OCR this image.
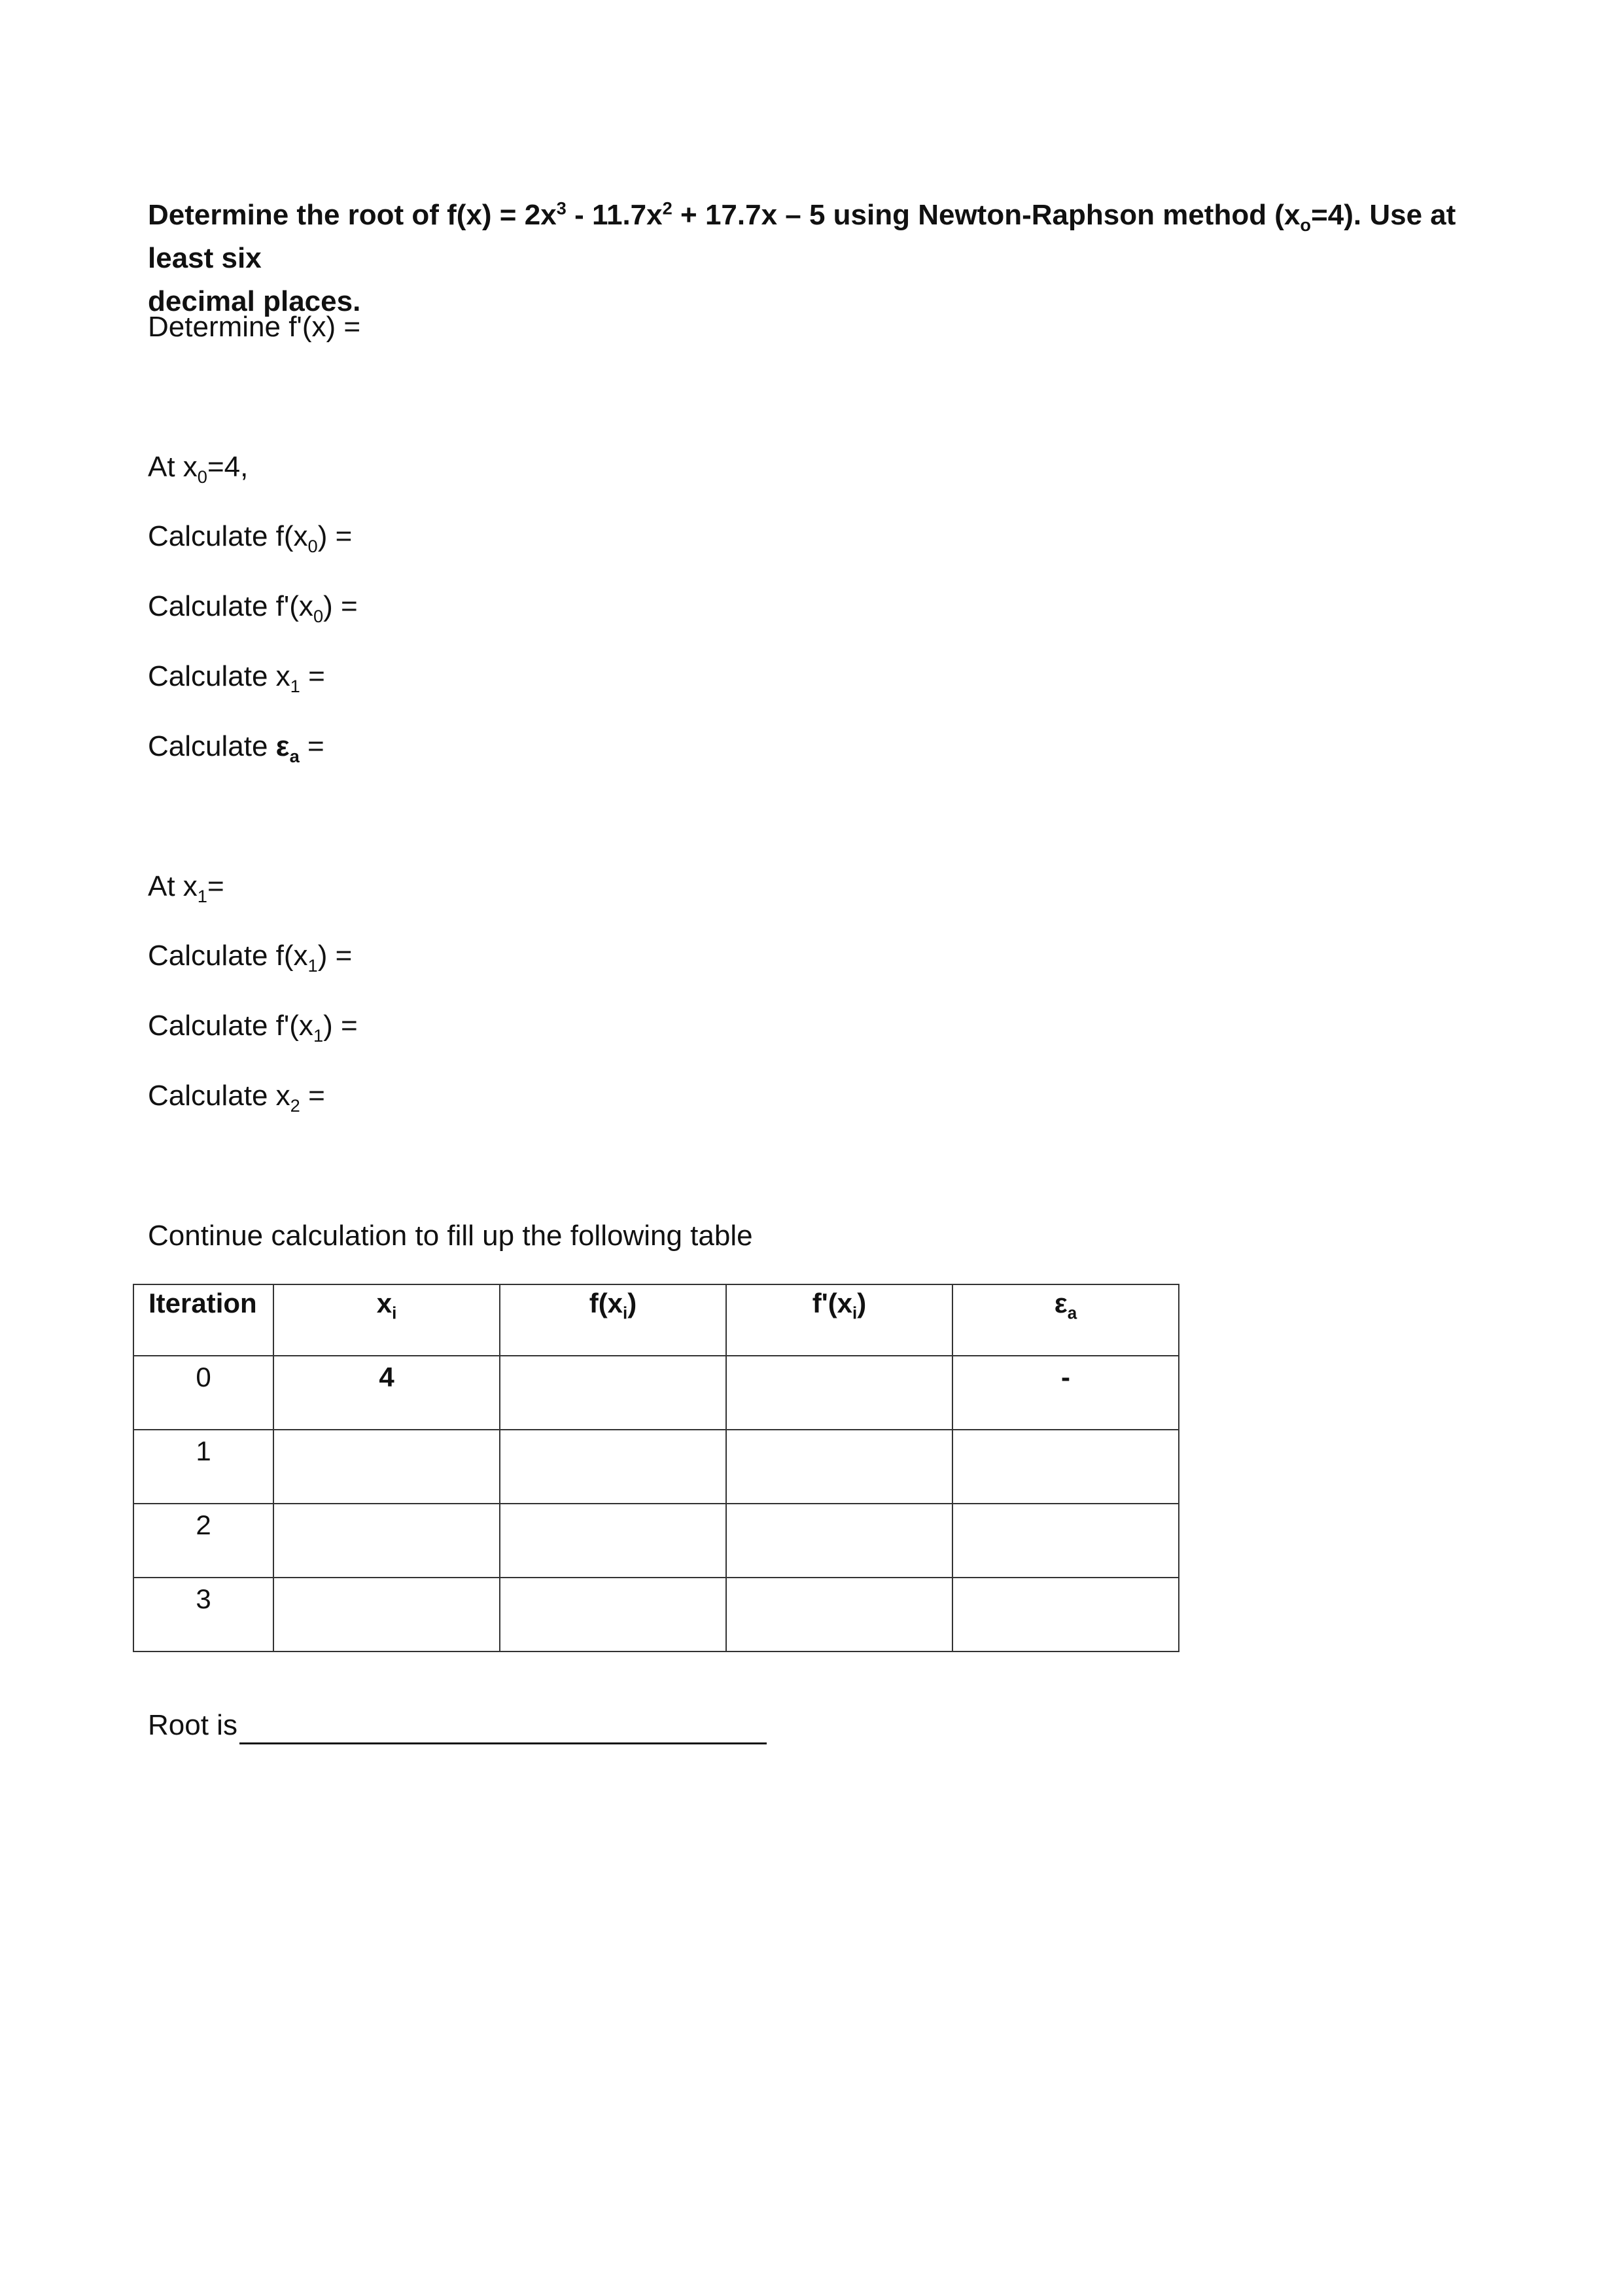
Determine the root of $f(x) = 2x^3 - 11.7x^2 + 17.7x - 5$ using Newton-Raphson method $(x_o=4)$. Use at least six
decimal places.
Determine f'(x) =
At $x_0=4$,
Calculate $f(x_0)$ =
Calculate $f'(x_0)$ =
Calculate $x_1$ =
Calculate $\varepsilon_a$ =
At $x_1=$
Calculate $f(x_1)$ =
Calculate $f'(x_1)$ =
Calculate $x_2$ =
Continue calculation to fill up the following table
Iteration	$x_i$	$f(x_i)$	$f'(x_i)$	$\varepsilon_a$
0	4			-
1				
2				
3				
Root is
